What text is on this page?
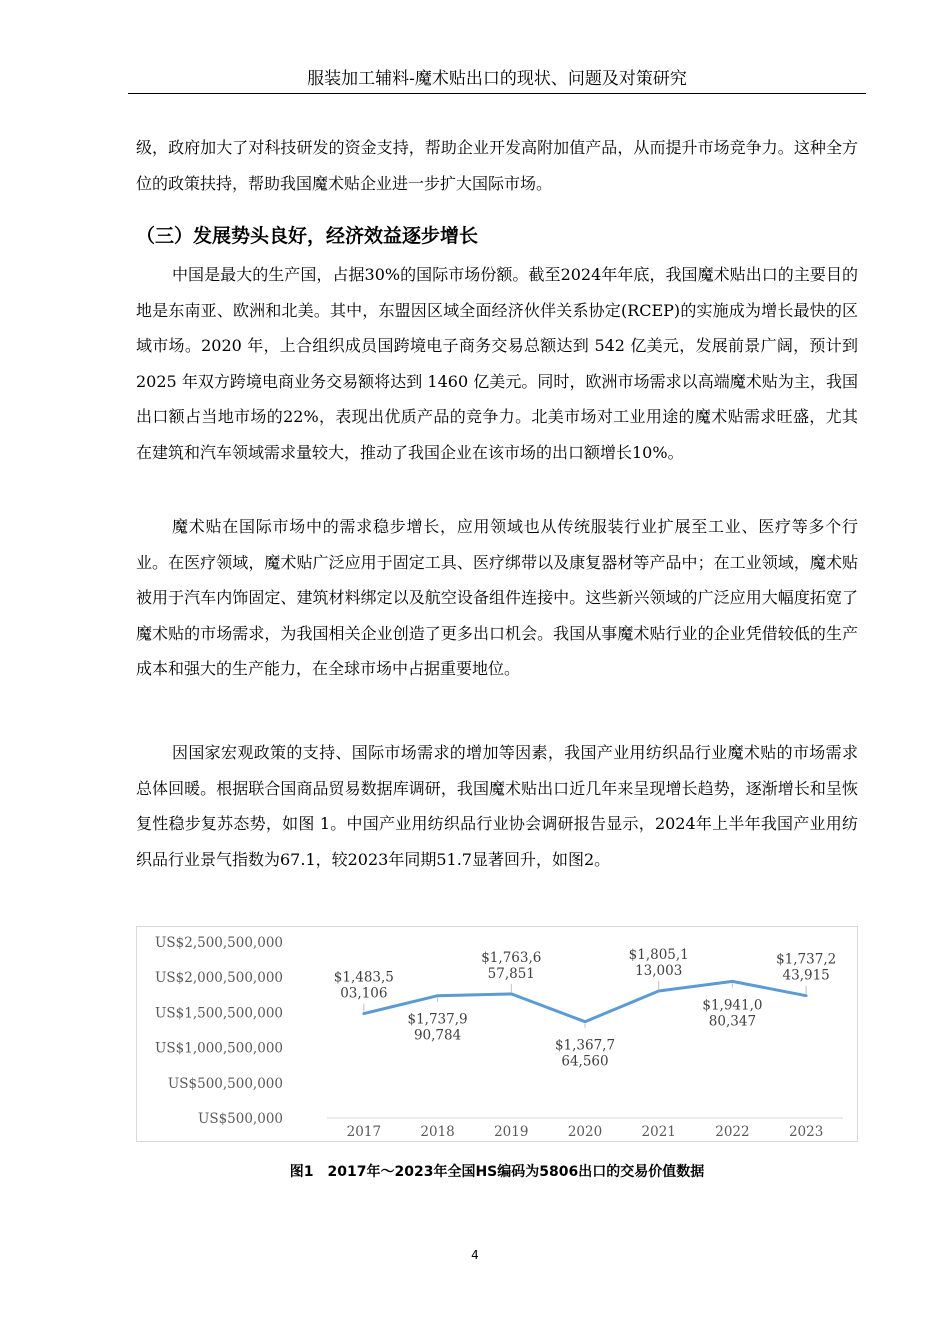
服装加工辅料-魔术贴出口的现状、问题及对策研究

级，政府加大了对科技研发的资金支持，帮助企业开发高附加值产品，从而提升市场竞争力。这种全方位的政策扶持，帮助我国魔术贴企业进一步扩大国际市场。

（三）发展势头良好，经济效益逐步增长

中国是最大的生产国，占据30%的国际市场份额。截至2024年年底，我国魔术贴出口的主要目的地是东南亚、欧洲和北美。其中，东盟因区域全面经济伙伴关系协定(RCEP)的实施成为增长最快的区域市场。2020 年，上合组织成员国跨境电子商务交易总额达到 542 亿美元，发展前景广阔，预计到 2025 年双方跨境电商业务交易额将达到 1460 亿美元。同时，欧洲市场需求以高端魔术贴为主，我国出口额占当地市场的22%，表现出优质产品的竞争力。北美市场对工业用途的魔术贴需求旺盛，尤其在建筑和汽车领域需求量较大，推动了我国企业在该市场的出口额增长10%。

魔术贴在国际市场中的需求稳步增长，应用领域也从传统服装行业扩展至工业、医疗等多个行业。在医疗领域，魔术贴广泛应用于固定工具、医疗绑带以及康复器材等产品中；在工业领域，魔术贴被用于汽车内饰固定、建筑材料绑定以及航空设备组件连接中。这些新兴领域的广泛应用大幅度拓宽了魔术贴的市场需求，为我国相关企业创造了更多出口机会。我国从事魔术贴行业的企业凭借较低的生产成本和强大的生产能力，在全球市场中占据重要地位。

因国家宏观政策的支持、国际市场需求的增加等因素，我国产业用纺织品行业魔术贴的市场需求总体回暖。根据联合国商品贸易数据库调研，我国魔术贴出口近几年来呈现增长趋势，逐渐增长和呈恢复性稳步复苏态势，如图 1。中国产业用纺织品行业协会调研报告显示，2024年上半年我国产业用纺织品行业景气指数为67.1，较2023年同期51.7显著回升，如图2。

US$500,000
US$500,500,000
US$1,000,500,000
US$1,500,500,000
US$2,000,500,000
US$2,500,500,000
2017	2018	2019	2020	2021	2022	2023
$1,483,5 03,106
$1,737,9 90,784
$1,763,6 57,851
$1,367,7 64,560
$1,805,1 13,003
$1,941,0 80,347
$1,737,2 43,915
图1　2017年～2023年全国HS编码为5806出口的交易价值数据
4
